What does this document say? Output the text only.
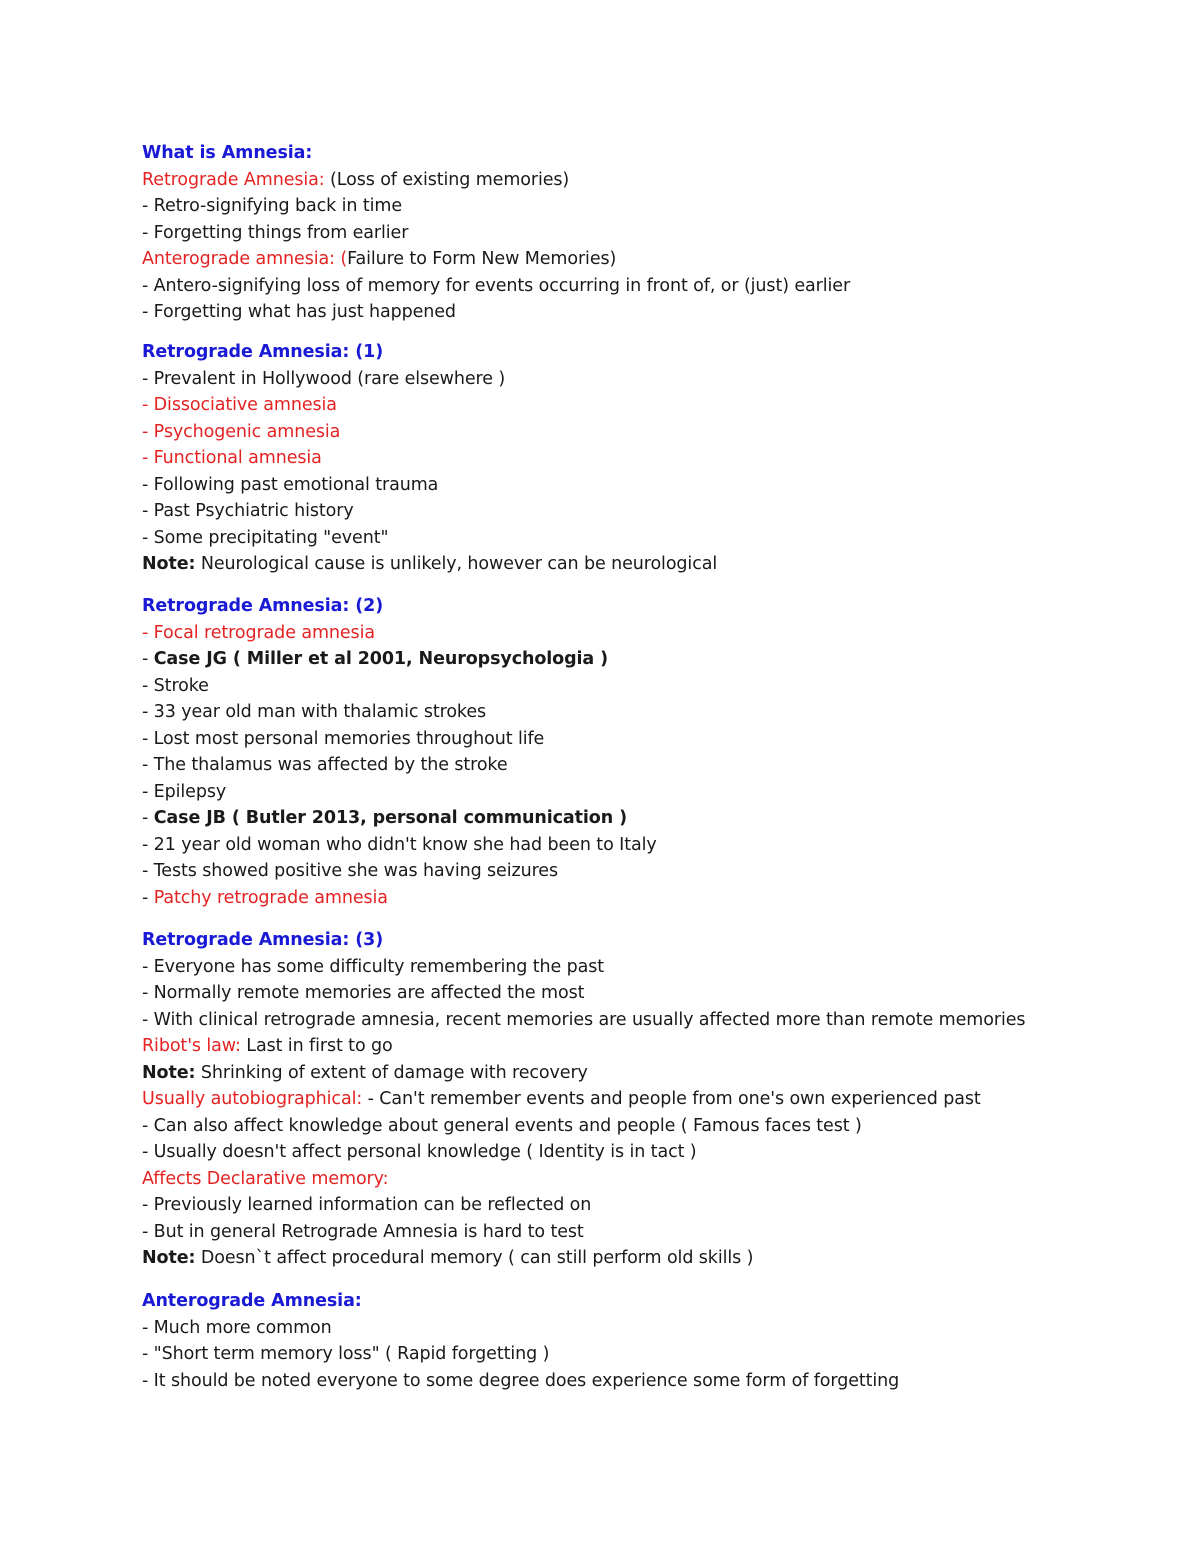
What is Amnesia:
Retrograde Amnesia: (Loss of existing memories)
- Retro-signifying back in time
- Forgetting things from earlier
Anterograde amnesia: (Failure to Form New Memories)
- Antero-signifying loss of memory for events occurring in front of, or (just) earlier
- Forgetting what has just happened
Retrograde Amnesia: (1)
- Prevalent in Hollywood (rare elsewhere )
- Dissociative amnesia
- Psychogenic amnesia
- Functional amnesia
- Following past emotional trauma
- Past Psychiatric history
- Some precipitating "event"
Note: Neurological cause is unlikely, however can be neurological
Retrograde Amnesia: (2)
- Focal retrograde amnesia
- Case JG ( Miller et al 2001, Neuropsychologia )
- Stroke
- 33 year old man with thalamic strokes
- Lost most personal memories throughout life
- The thalamus was affected by the stroke
- Epilepsy
- Case JB ( Butler 2013, personal communication )
- 21 year old woman who didn't know she had been to Italy
- Tests showed positive she was having seizures
- Patchy retrograde amnesia
Retrograde Amnesia: (3)
- Everyone has some difficulty remembering the past
- Normally remote memories are affected the most
- With clinical retrograde amnesia, recent memories are usually affected more than remote memories
Ribot's law: Last in first to go
Note: Shrinking of extent of damage with recovery
Usually autobiographical: - Can't remember events and people from one's own experienced past
- Can also affect knowledge about general events and people ( Famous faces test )
- Usually doesn't affect personal knowledge ( Identity is in tact )
Affects Declarative memory:
- Previously learned information can be reflected on
- But in general Retrograde Amnesia is hard to test
Note: Doesn`t affect procedural memory ( can still perform old skills )
Anterograde Amnesia:
- Much more common
- "Short term memory loss" ( Rapid forgetting )
- It should be noted everyone to some degree does experience some form of forgetting
